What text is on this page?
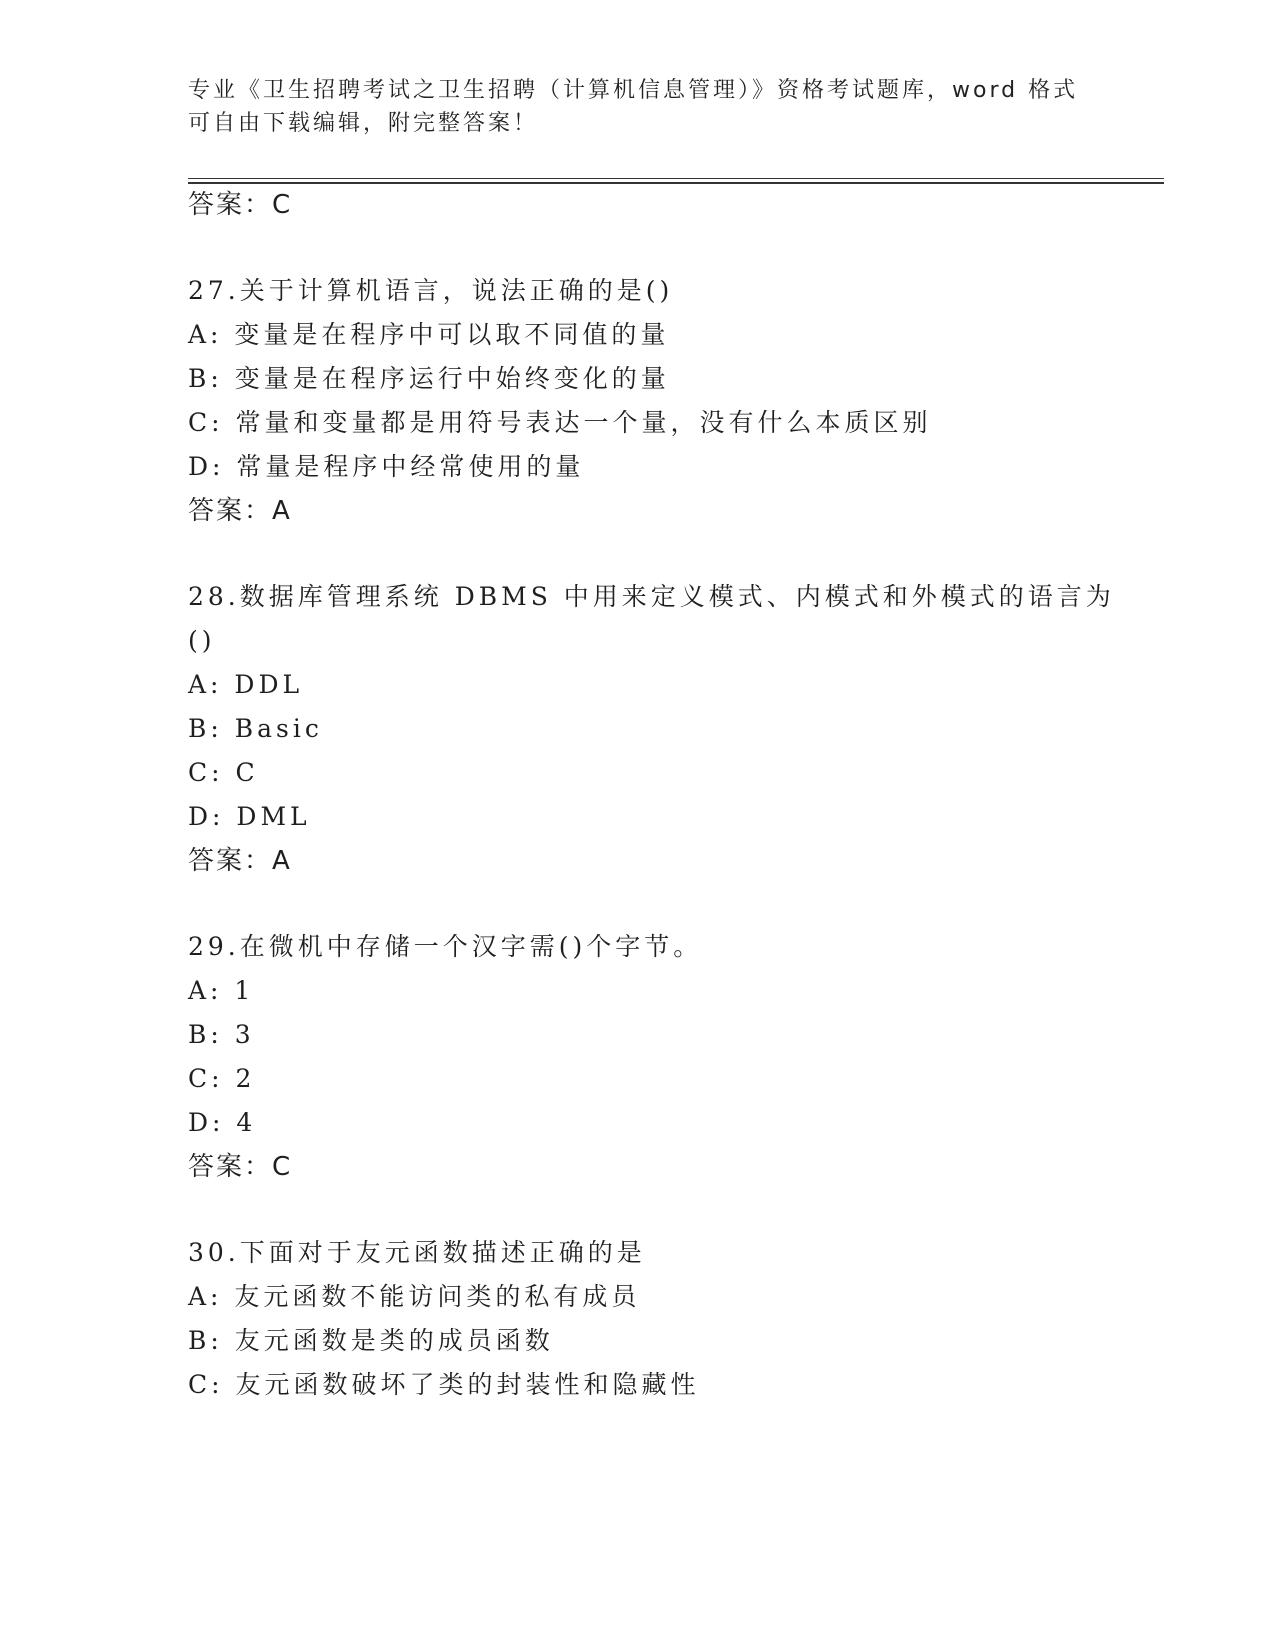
专业《卫生招聘考试之卫生招聘（计算机信息管理）》资格考试题库，word 格式
可自由下载编辑，附完整答案！
答案：C
27.关于计算机语言，说法正确的是()
A: 变量是在程序中可以取不同值的量
B: 变量是在程序运行中始终变化的量
C: 常量和变量都是用符号表达一个量，没有什么本质区别
D: 常量是程序中经常使用的量
答案：A
28.数据库管理系统 DBMS 中用来定义模式、内模式和外模式的语言为
()
A: DDL
B: Basic
C: C
D: DML
答案：A
29.在微机中存储一个汉字需()个字节。
A: 1
B: 3
C: 2
D: 4
答案：C
30.下面对于友元函数描述正确的是
A: 友元函数不能访问类的私有成员
B: 友元函数是类的成员函数
C: 友元函数破坏了类的封装性和隐藏性
